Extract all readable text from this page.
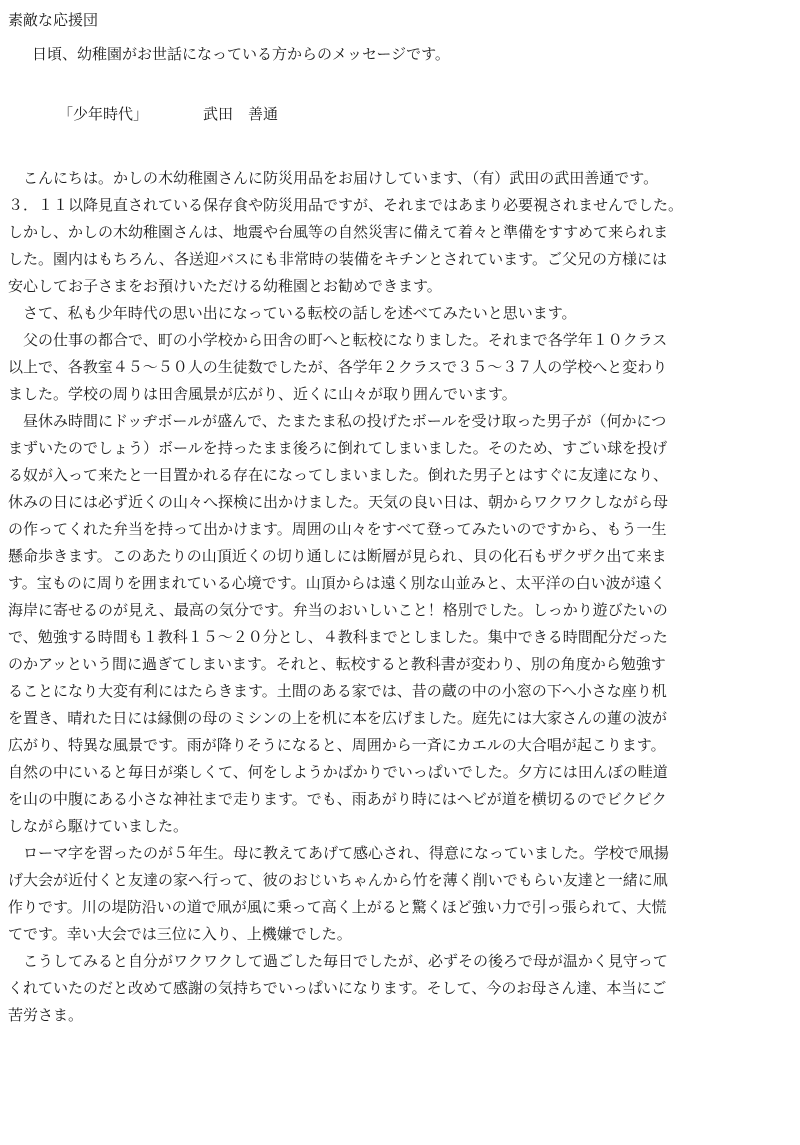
素敵な応援団
日頃、幼稚園がお世話になっている方からのメッセージです。
「少年時代」	武田　善通
　こんにちは。かしの木幼稚園さんに防災用品をお届けしています、（有）武田の武田善通です。
３．１１以降見直されている保存食や防災用品ですが、それまではあまり必要視されませんでした。
しかし、かしの木幼稚園さんは、地震や台風等の自然災害に備えて着々と準備をすすめて来られま
した。園内はもちろん、各送迎バスにも非常時の装備をキチンとされています。ご父兄の方様には
安心してお子さまをお預けいただける幼稚園とお勧めできます。
　さて、私も少年時代の思い出になっている転校の話しを述べてみたいと思います。
　父の仕事の都合で、町の小学校から田舎の町へと転校になりました。それまで各学年１０クラス
以上で、各教室４５～５０人の生徒数でしたが、各学年２クラスで３５～３７人の学校へと変わり
ました。学校の周りは田舎風景が広がり、近くに山々が取り囲んでいます。
　昼休み時間にドッヂボールが盛んで、たまたま私の投げたボールを受け取った男子が（何かにつ
まずいたのでしょう）ボールを持ったまま後ろに倒れてしまいました。そのため、すごい球を投げ
る奴が入って来たと一目置かれる存在になってしまいました。倒れた男子とはすぐに友達になり、
休みの日には必ず近くの山々へ探検に出かけました。天気の良い日は、朝からワクワクしながら母
の作ってくれた弁当を持って出かけます。周囲の山々をすべて登ってみたいのですから、もう一生
懸命歩きます。このあたりの山頂近くの切り通しには断層が見られ、貝の化石もザクザク出て来ま
す。宝ものに周りを囲まれている心境です。山頂からは遠く別な山並みと、太平洋の白い波が遠く
海岸に寄せるのが見え、最高の気分です。弁当のおいしいこと！格別でした。しっかり遊びたいの
で、勉強する時間も１教科１５～２０分とし、４教科までとしました。集中できる時間配分だった
のかアッという間に過ぎてしまいます。それと、転校すると教科書が変わり、別の角度から勉強す
ることになり大変有利にはたらきます。土間のある家では、昔の蔵の中の小窓の下へ小さな座り机
を置き、晴れた日には縁側の母のミシンの上を机に本を広げました。庭先には大家さんの蓮の波が
広がり、特異な風景です。雨が降りそうになると、周囲から一斉にカエルの大合唱が起こります。
自然の中にいると毎日が楽しくて、何をしようかばかりでいっぱいでした。夕方には田んぼの畦道
を山の中腹にある小さな神社まで走ります。でも、雨あがり時にはヘビが道を横切るのでビクビク
しながら駆けていました。
　ローマ字を習ったのが５年生。母に教えてあげて感心され、得意になっていました。学校で凧揚
げ大会が近付くと友達の家へ行って、彼のおじいちゃんから竹を薄く削いでもらい友達と一緒に凧
作りです。川の堤防沿いの道で凧が風に乗って高く上がると驚くほど強い力で引っ張られて、大慌
てです。幸い大会では三位に入り、上機嫌でした。
　こうしてみると自分がワクワクして過ごした毎日でしたが、必ずその後ろで母が温かく見守って
くれていたのだと改めて感謝の気持ちでいっぱいになります。そして、今のお母さん達、本当にご
苦労さま。
